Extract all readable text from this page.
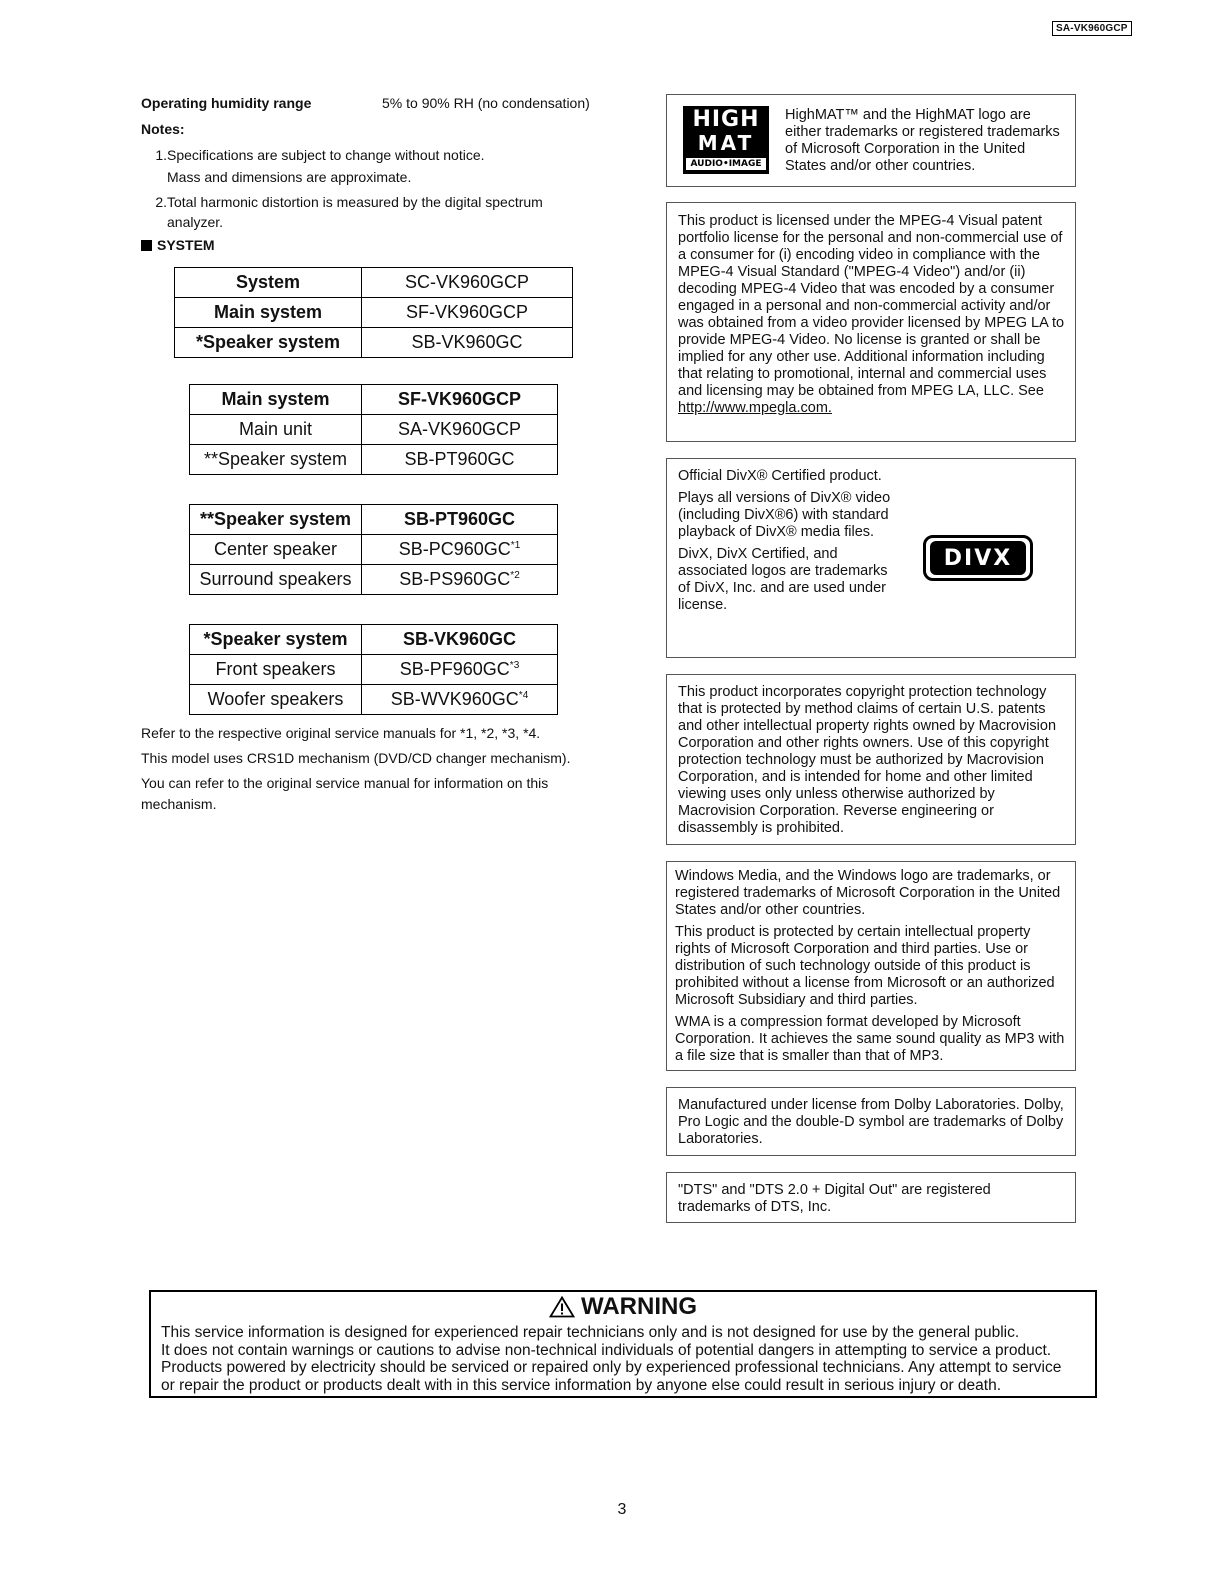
SA-VK960GCP
Operating humidity range	5% to 90% RH (no condensation)
Notes:
1. Specifications are subject to change without notice.
Mass and dimensions are approximate.
2. Total harmonic distortion is measured by the digital spectrum
analyzer.
SYSTEM
System	SC-VK960GCP
Main system	SF-VK960GCP
*Speaker system	SB-VK960GC
Main system	SF-VK960GCP
Main unit	SA-VK960GCP
**Speaker system	SB-PT960GC
**Speaker system	SB-PT960GC
Center speaker	SB-PC960GC$^{*1}$
Surround speakers	SB-PS960GC$^{*2}$
*Speaker system	SB-VK960GC
Front speakers	SB-PF960GC$^{*3}$
Woofer speakers	SB-WVK960GC$^{*4}$
Refer to the respective original service manuals for *1, *2, *3, *4.
This model uses CRS1D mechanism (DVD/CD changer mechanism).
You can refer to the original service manual for information on this mechanism.
HIGH
MAT
AUDIO•IMAGE

HighMAT™ and the HighMAT logo are either trademarks or registered trademarks of Microsoft Corporation in the United States and/or other countries.

This product is licensed under the MPEG-4 Visual patent portfolio license for the personal and non-commercial use of a consumer for (i) encoding video in compliance with the MPEG-4 Visual Standard ("MPEG-4 Video") and/or (ii) decoding MPEG-4 Video that was encoded by a consumer engaged in a personal and non-commercial activity and/or was obtained from a video provider licensed by MPEG LA to provide MPEG-4 Video. No license is granted or shall be implied for any other use. Additional information including that relating to promotional, internal and commercial uses and licensing may be obtained from MPEG LA, LLC. See
http://www.mpegla.com.

Official DivX® Certified product.

Plays all versions of DivX® video (including DivX®6) with standard playback of DivX® media files.

DivX, DivX Certified, and associated logos are trademarks of DivX, Inc. and are used under license.

DIVX

This product incorporates copyright protection technology that is protected by method claims of certain U.S. patents and other intellectual property rights owned by Macrovision Corporation and other rights owners. Use of this copyright protection technology must be authorized by Macrovision Corporation, and is intended for home and other limited viewing uses only unless otherwise authorized by Macrovision Corporation. Reverse engineering or disassembly is prohibited.

Windows Media, and the Windows logo are trademarks, or registered trademarks of Microsoft Corporation in the United States and/or other countries.

This product is protected by certain intellectual property rights of Microsoft Corporation and third parties. Use or distribution of such technology outside of this product is prohibited without a license from Microsoft or an authorized Microsoft Subsidiary and third parties.

WMA is a compression format developed by Microsoft Corporation. It achieves the same sound quality as MP3 with a file size that is smaller than that of MP3.

Manufactured under license from Dolby Laboratories. Dolby, Pro Logic and the double-D symbol are trademarks of Dolby Laboratories.

"DTS" and "DTS 2.0 + Digital Out" are registered trademarks of DTS, Inc.

WARNING
This service information is designed for experienced repair technicians only and is not designed for use by the general public.
It does not contain warnings or cautions to advise non-technical individuals of potential dangers in attempting to service a product.
Products powered by electricity should be serviced or repaired only by experienced professional technicians. Any attempt to service
or repair the product or products dealt with in this service information by anyone else could result in serious injury or death.
3
